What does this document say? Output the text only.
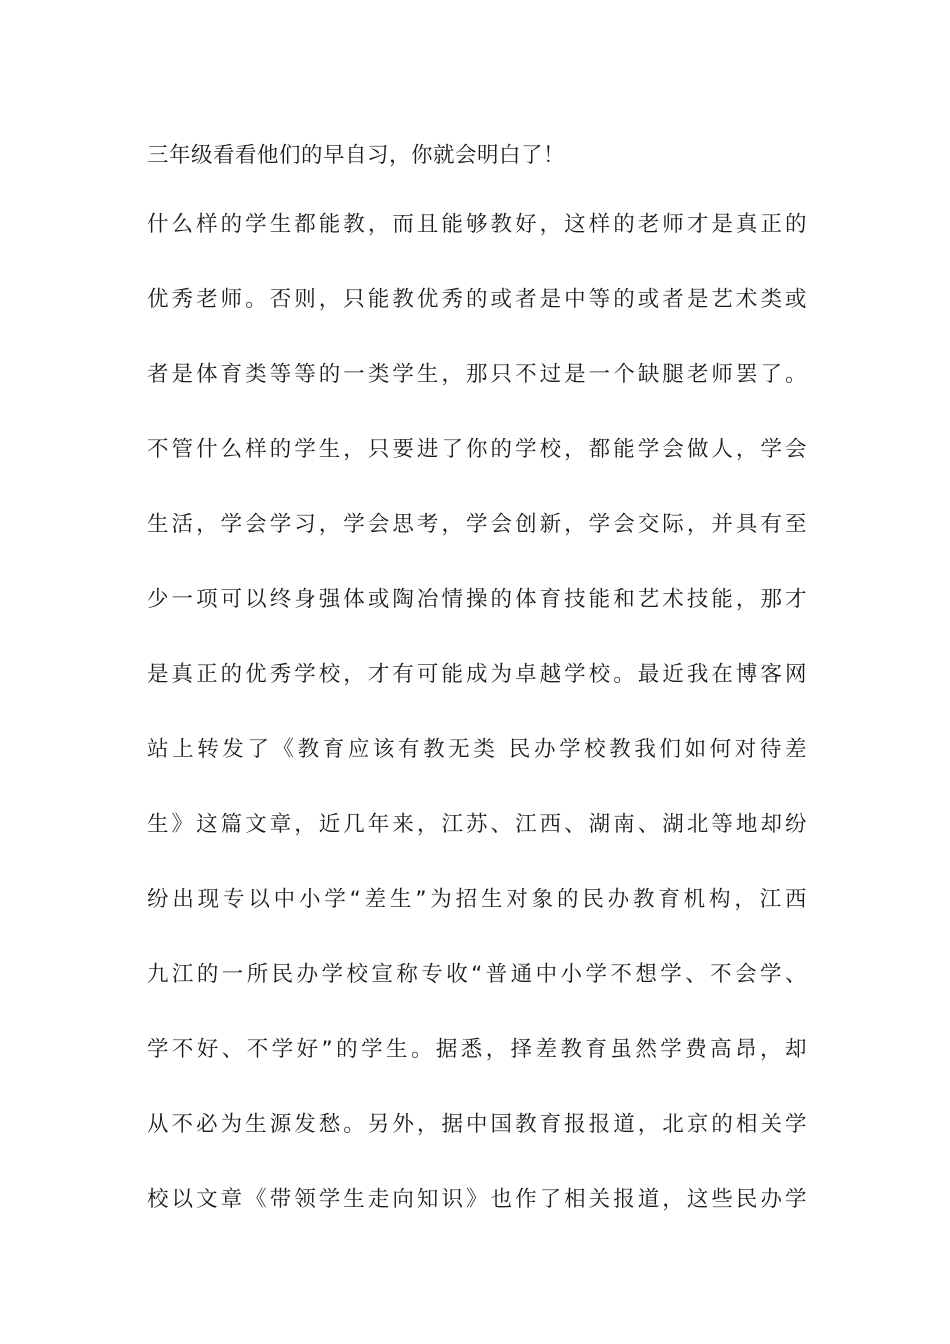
三年级看看他们的早自习，你就会明白了！
什么样的学生都能教，而且能够教好，这样的老师才是真正的
优秀老师。否则，只能教优秀的或者是中等的或者是艺术类或
者是体育类等等的一类学生，那只不过是一个缺腿老师罢了。
不管什么样的学生，只要进了你的学校，都能学会做人，学会
生活，学会学习，学会思考，学会创新，学会交际，并具有至
少一项可以终身强体或陶冶情操的体育技能和艺术技能，那才
是真正的优秀学校，才有可能成为卓越学校。最近我在博客网
站上转发了《教育应该有教无类 民办学校教我们如何对待差
生》这篇文章，近几年来，江苏、江西、湖南、湖北等地却纷
纷出现专以中小学“差生”为招生对象的民办教育机构，江西
九江的一所民办学校宣称专收“普通中小学不想学、不会学、
学不好、不学好”的学生。据悉，择差教育虽然学费高昂，却
从不必为生源发愁。另外，据中国教育报报道，北京的相关学
校以文章《带领学生走向知识》也作了相关报道，这些民办学
